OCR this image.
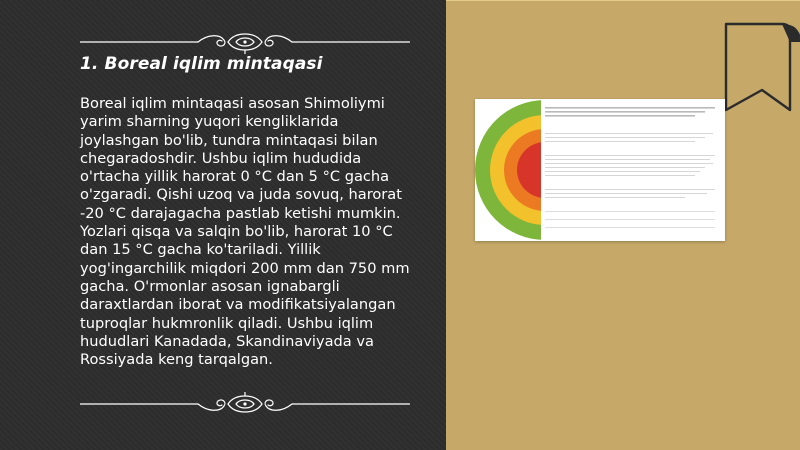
1. Boreal iqlim mintaqasi

Boreal iqlim mintaqasi asosan Shimoliymi yarim sharning yuqori kengliklarida joylashgan bo'lib, tundra mintaqasi bilan chegaradoshdir. Ushbu iqlim hududida o'rtacha yillik harorat 0 °C dan 5 °C gacha o'zgaradi. Qishi uzoq va juda sovuq, harorat -20 °C darajagacha pastlab ketishi mumkin. Yozlari qisqa va salqin bo'lib, harorat 10 °C dan 15 °C gacha ko'tariladi. Yillik yog'ingarchilik miqdori 200 mm dan 750 mm gacha. O'rmonlar asosan ignabargli daraxtlardan iborat va modifikatsiyalangan tuproqlar hukmronlik qiladi. Ushbu iqlim hududlari Kanadada, Skandinaviyada va Rossiyada keng tarqalgan.
